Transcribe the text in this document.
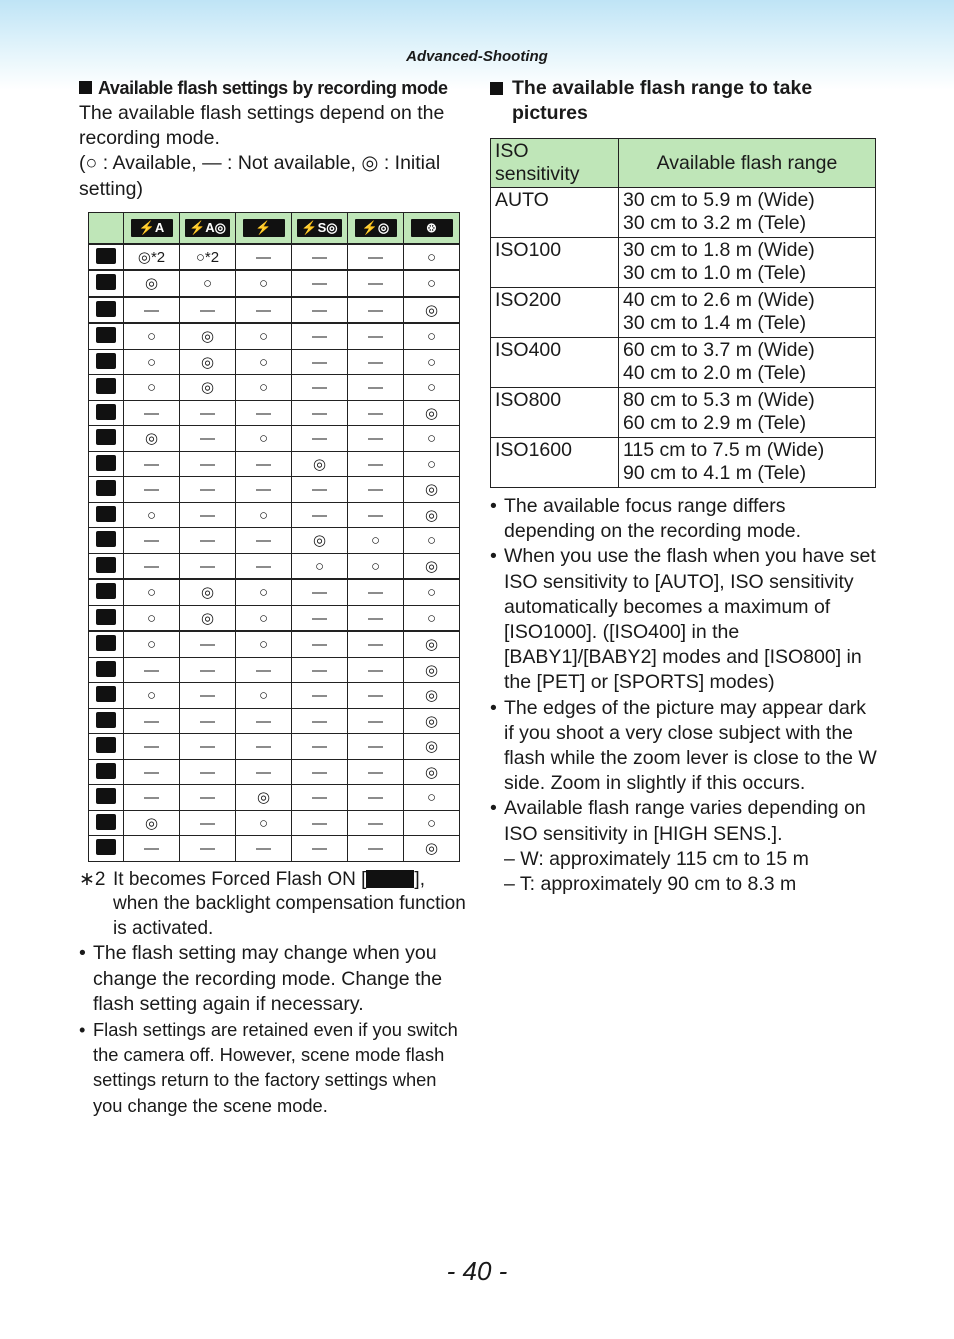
Advanced-Shooting
Available flash settings by recording mode
The available flash settings depend on the recording mode.
(○ : Available, — : Not available, ◎ : Initial setting)
	⚡A	⚡A◎	⚡	⚡S◎	⚡◎	⊛
	◎*2	○*2	—	—	—	○
	◎	○	○	—	—	○
	—	—	—	—	—	◎
	○	◎	○	—	—	○
	○	◎	○	—	—	○
	○	◎	○	—	—	○
	—	—	—	—	—	◎
	◎	—	○	—	—	○
	—	—	—	◎	—	○
	—	—	—	—	—	◎
	○	—	○	—	—	◎
	—	—	—	◎	○	○
	—	—	—	○	○	◎
	○	◎	○	—	—	○
	○	◎	○	—	—	○
	○	—	○	—	—	◎
	—	—	—	—	—	◎
	○	—	○	—	—	◎
	—	—	—	—	—	◎
	—	—	—	—	—	◎
	—	—	—	—	—	◎
	—	—	◎	—	—	○
	◎	—	○	—	—	○
	—	—	—	—	—	◎
∗2 It becomes Forced Flash ON [	], when the backlight compensation function is activated.
• The flash setting may change when you change the recording mode. Change the flash setting again if necessary.
• Flash settings are retained even if you switch the camera off. However, scene mode flash settings return to the factory settings when you change the scene mode.
The available flash range to take pictures
ISO sensitivity	Available flash range
AUTO	30 cm to 5.9 m (Wide)
30 cm to 3.2 m (Tele)

ISO100	30 cm to 1.8 m (Wide)
30 cm to 1.0 m (Tele)

ISO200	40 cm to 2.6 m (Wide)
30 cm to 1.4 m (Tele)

ISO400	60 cm to 3.7 m (Wide)
40 cm to 2.0 m (Tele)

ISO800	80 cm to 5.3 m (Wide)
60 cm to 2.9 m (Tele)

ISO1600	115 cm to 7.5 m (Wide)
90 cm to 4.1 m (Tele)
• The available focus range differs depending on the recording mode.
• When you use the flash when you have set ISO sensitivity to [AUTO], ISO sensitivity automatically becomes a maximum of [ISO1000]. ([ISO400] in the [BABY1]/[BABY2] modes and [ISO800] in the [PET] or [SPORTS] modes)
• The edges of the picture may appear dark if you shoot a very close subject with the flash while the zoom lever is close to the W side. Zoom in slightly if this occurs.
• Available flash range varies depending on ISO sensitivity in [HIGH SENS.].
– W: approximately 115 cm to 15 m
– T: approximately 90 cm to 8.3 m
- 40 -
